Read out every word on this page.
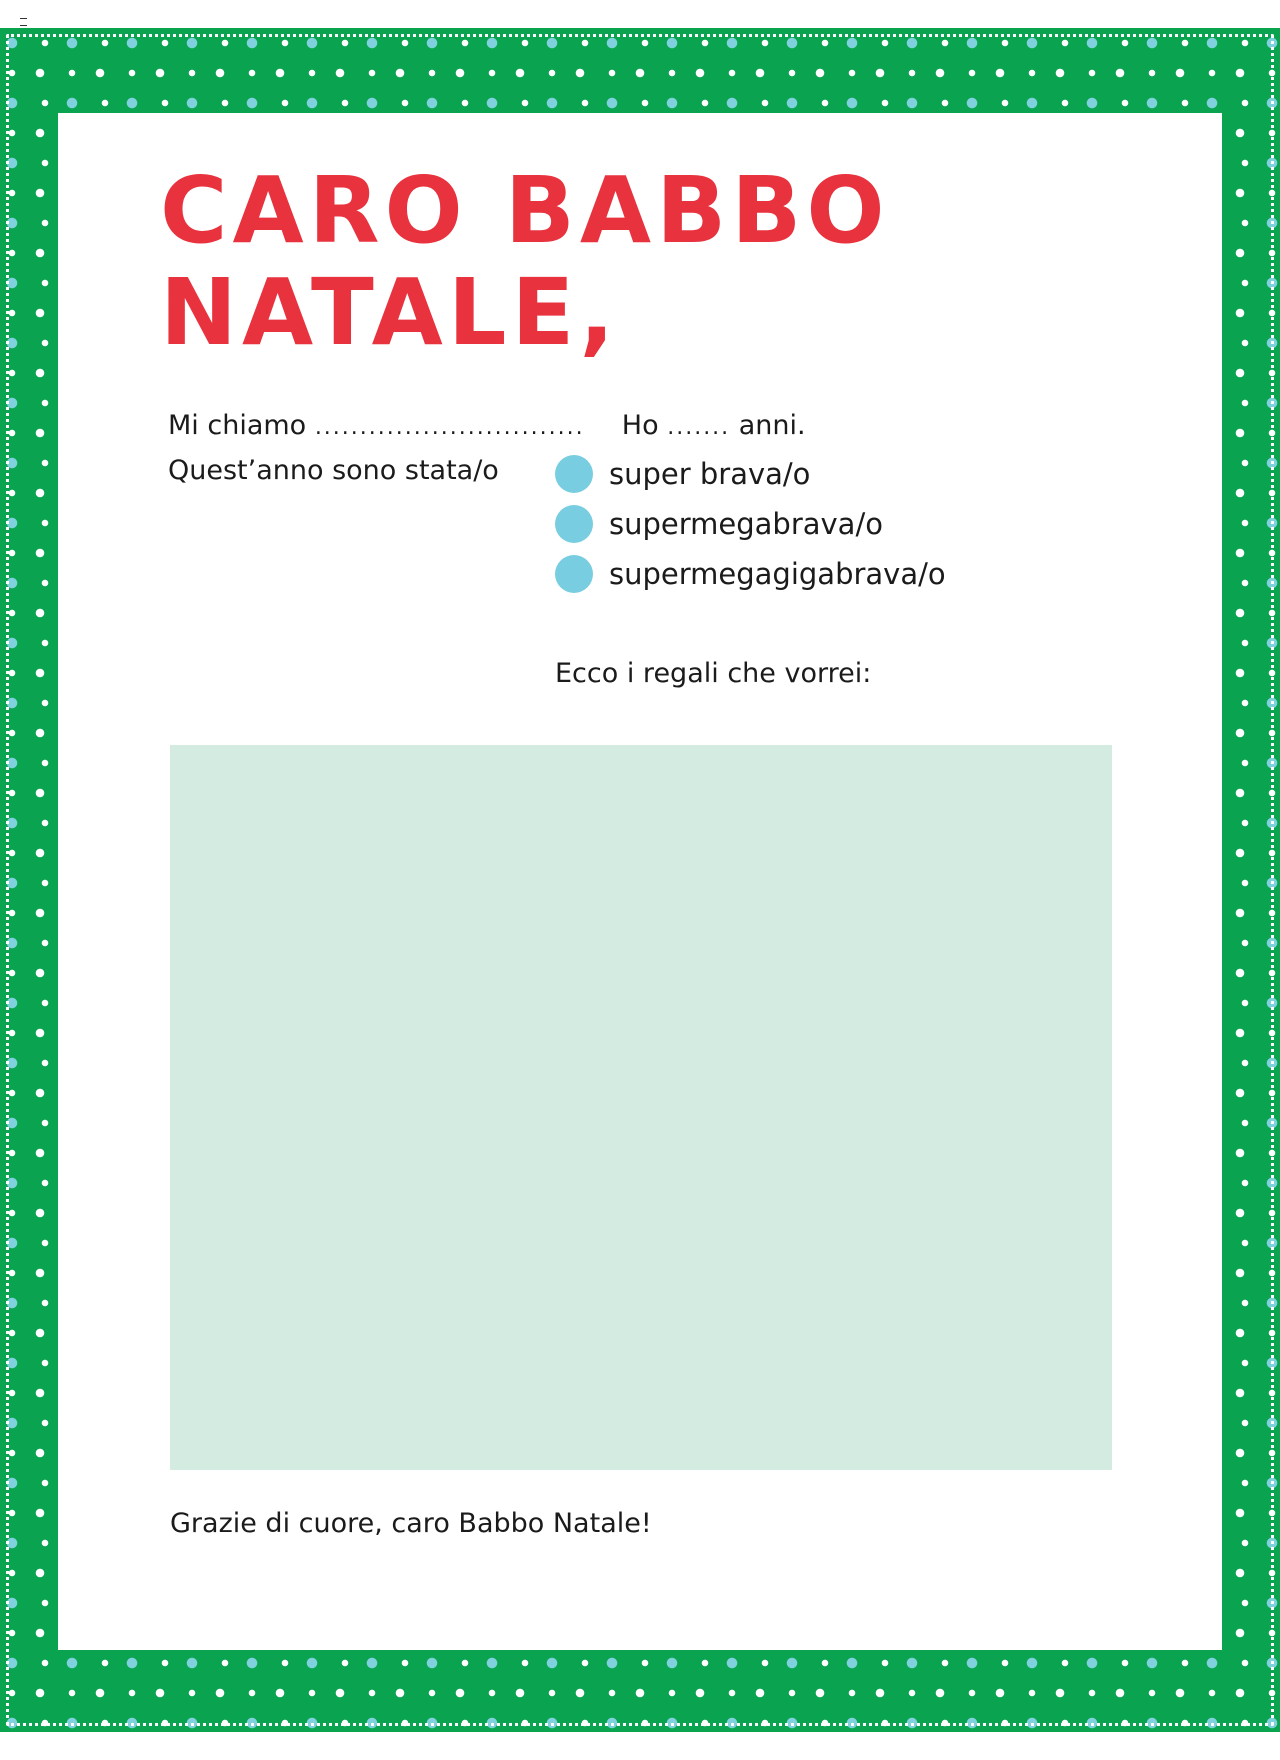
CARO BABBO
NATALE,
Mi chiamo .............................. Ho ....... anni.
Quest’anno sono stata/o	super brava/o
supermegabrava/o
supermegagigabrava/o
Ecco i regali che vorrei:
Grazie di cuore, caro Babbo Natale!
